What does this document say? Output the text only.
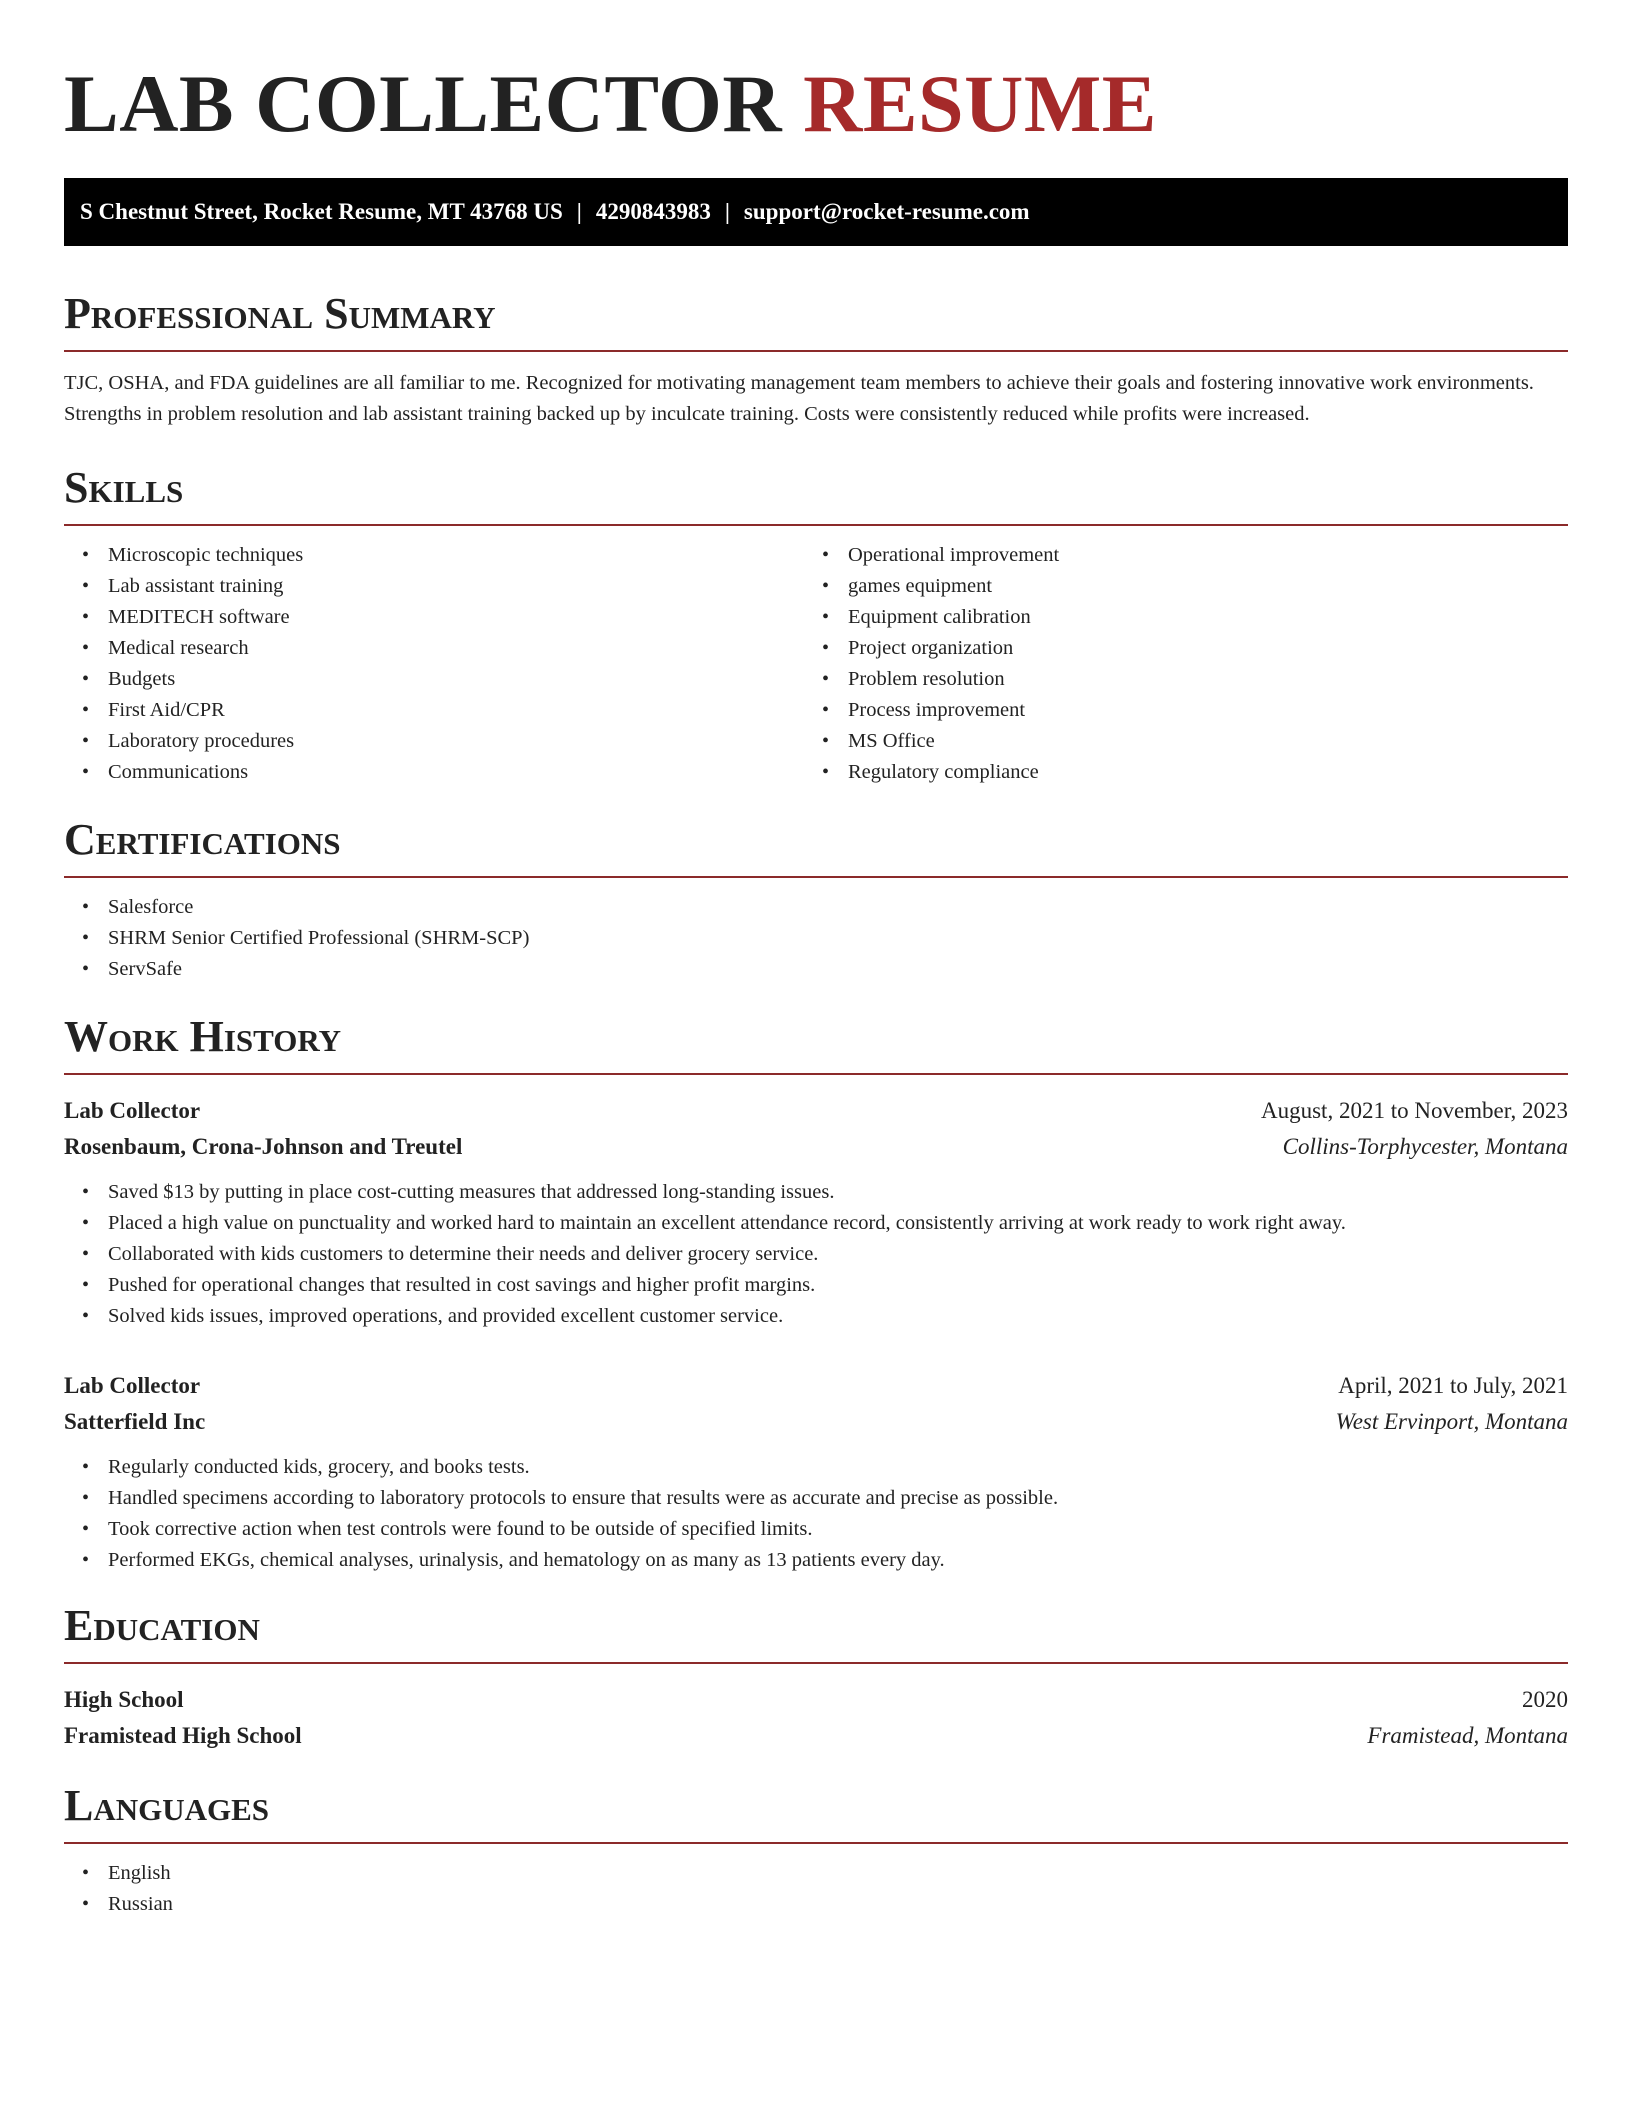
LAB COLLECTOR RESUME
S Chestnut Street, Rocket Resume, MT 43768 US | 4290843983 | support@rocket-resume.com
Professional Summary

TJC, OSHA, and FDA guidelines are all familiar to me. Recognized for motivating management team members to achieve their goals and fostering innovative work environments. Strengths in problem resolution and lab assistant training backed up by inculcate training. Costs were consistently reduced while profits were increased.

Skills
• Microscopic techniques
• Lab assistant training
• MEDITECH software
• Medical research
• Budgets
• First Aid/CPR
• Laboratory procedures
• Communications
• Operational improvement
• games equipment
• Equipment calibration
• Project organization
• Problem resolution
• Process improvement
• MS Office
• Regulatory compliance
Certifications
• Salesforce
• SHRM Senior Certified Professional (SHRM-SCP)
• ServSafe
Work History
Lab Collector	August, 2021 to November, 2023
Rosenbaum, Crona-Johnson and Treutel	Collins-Torphycester, Montana
• Saved $13 by putting in place cost-cutting measures that addressed long-standing issues.
• Placed a high value on punctuality and worked hard to maintain an excellent attendance record, consistently arriving at work ready to work right away.
• Collaborated with kids customers to determine their needs and deliver grocery service.
• Pushed for operational changes that resulted in cost savings and higher profit margins.
• Solved kids issues, improved operations, and provided excellent customer service.
Lab Collector	April, 2021 to July, 2021
Satterfield Inc	West Ervinport, Montana
• Regularly conducted kids, grocery, and books tests.
• Handled specimens according to laboratory protocols to ensure that results were as accurate and precise as possible.
• Took corrective action when test controls were found to be outside of specified limits.
• Performed EKGs, chemical analyses, urinalysis, and hematology on as many as 13 patients every day.
Education
High School	2020
Framistead High School	Framistead, Montana
Languages
• English
• Russian
